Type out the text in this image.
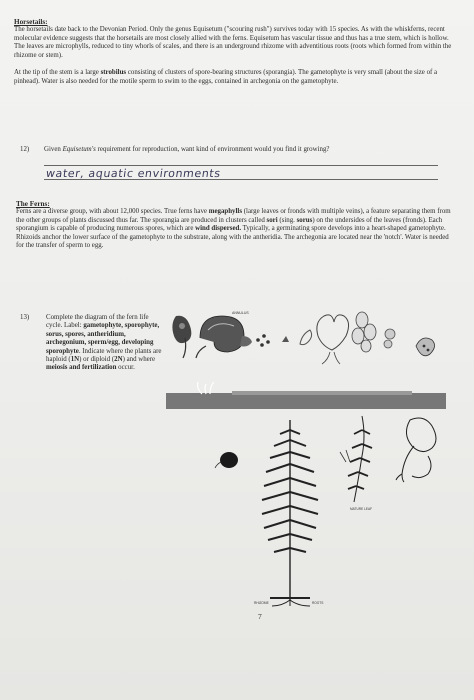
Horsetails:

The horsetails date back to the Devonian Period. Only the genus Equisetum ("scouring rush") survives today with 15 species. As with the whiskferns, recent molecular evidence suggests that the horsetails are most closely allied with the ferns. Equisetum has vascular tissue and thus has a true stem, which is hollow. The leaves are microphylls, reduced to tiny whorls of scales, and there is an underground rhizome with adventitious roots (roots which formed from within the rhizome or stem).

At the tip of the stem is a large strobilus consisting of clusters of spore-bearing structures (sporangia). The gametophyte is very small (about the size of a pinhead). Water is also needed for the motile sperm to swim to the eggs, contained in archegonia on the gametophyte.

12) Given Equisetum's requirement for reproduction, want kind of environment would you find it growing?
water, aquatic environments

The Ferns:

Ferns are a diverse group, with about 12,000 species. True ferns have megaphylls (large leaves or fronds with multiple veins), a feature separating them from the other groups of plants discussed thus far. The sporangia are produced in clusters called sori (sing. sorus) on the undersides of the leaves (fronds). Each sporangium is capable of producing numerous spores, which are wind dispersed. Typically, a germinating spore develops into a heart-shaped gametophyte. Rhizoids anchor the lower surface of the gametophyte to the substrate, along with the antheridia. The archegonia are located near the 'notch'. Water is needed for the transfer of sperm to egg.

13) Complete the diagram of the fern life cycle. Label: gametophyte, sporophyte, sorus, spores, antheridium, archegonium, sperm/egg, developing sporophyte. Indicate where the plants are haploid (1N) or diploid (2N) and where meiosis and fertilization occur.
ANNULUS
RHIZOME	ROOTS
MATURE LEAF
7
